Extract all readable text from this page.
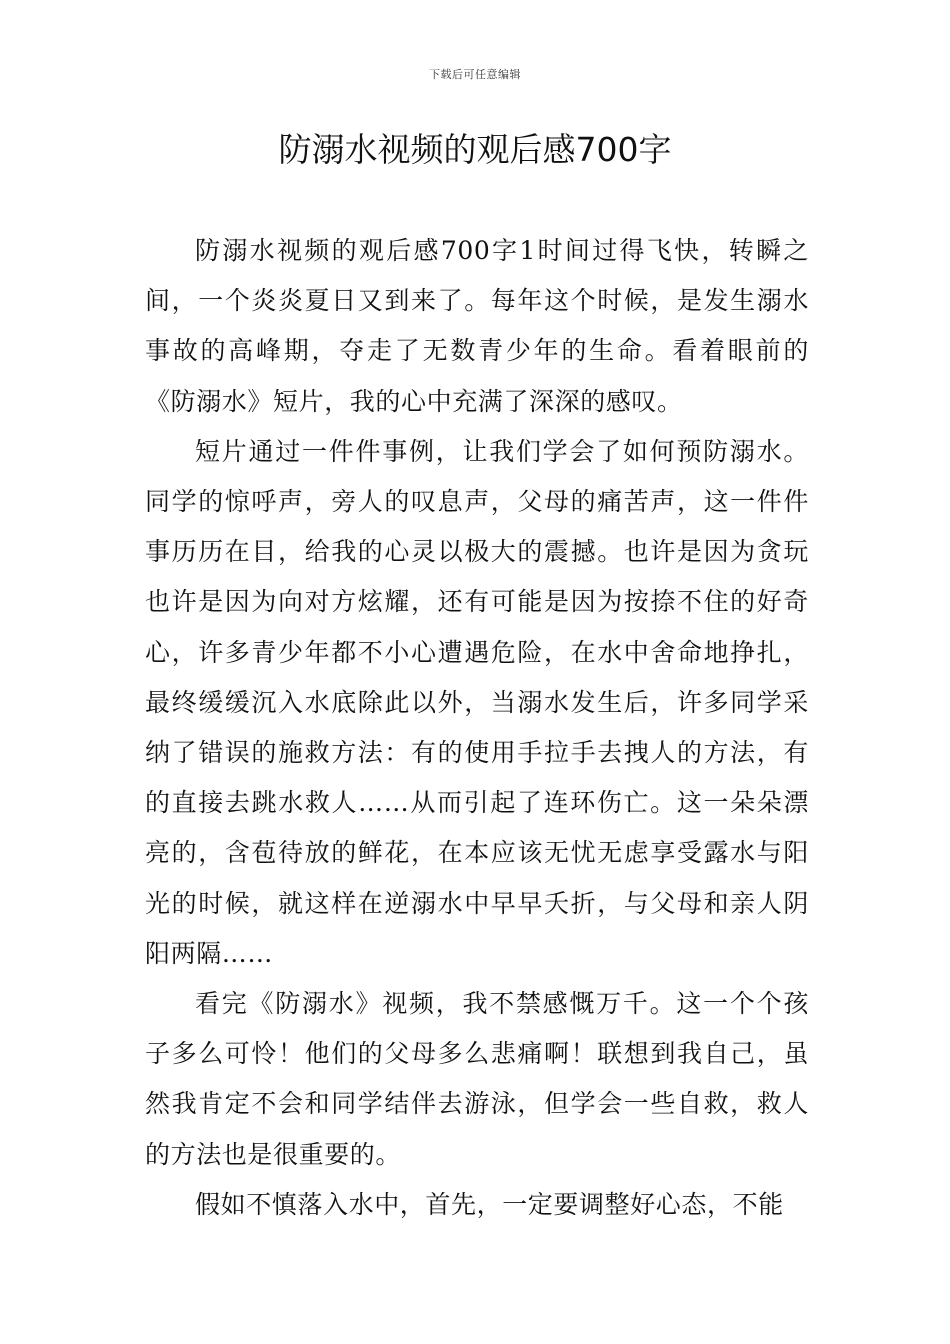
下载后可任意编辑
防溺水视频的观后感700字

防溺水视频的观后感700字1时间过得飞快，转瞬之间，一个炎炎夏日又到来了。每年这个时候，是发生溺水事故的高峰期，夺走了无数青少年的生命。看着眼前的《防溺水》短片，我的心中充满了深深的感叹。

短片通过一件件事例，让我们学会了如何预防溺水。同学的惊呼声，旁人的叹息声，父母的痛苦声，这一件件事历历在目，给我的心灵以极大的震撼。也许是因为贪玩也许是因为向对方炫耀，还有可能是因为按捺不住的好奇心，许多青少年都不小心遭遇危险，在水中舍命地挣扎，最终缓缓沉入水底除此以外，当溺水发生后，许多同学采纳了错误的施救方法：有的使用手拉手去拽人的方法，有的直接去跳水救人……从而引起了连环伤亡。这一朵朵漂亮的，含苞待放的鲜花，在本应该无忧无虑享受露水与阳光的时候，就这样在逆溺水中早早夭折，与父母和亲人阴阳两隔……

看完《防溺水》视频，我不禁感慨万千。这一个个孩子多么可怜！他们的父母多么悲痛啊！联想到我自己，虽然我肯定不会和同学结伴去游泳，但学会一些自救，救人的方法也是很重要的。

假如不慎落入水中，首先，一定要调整好心态，不能
